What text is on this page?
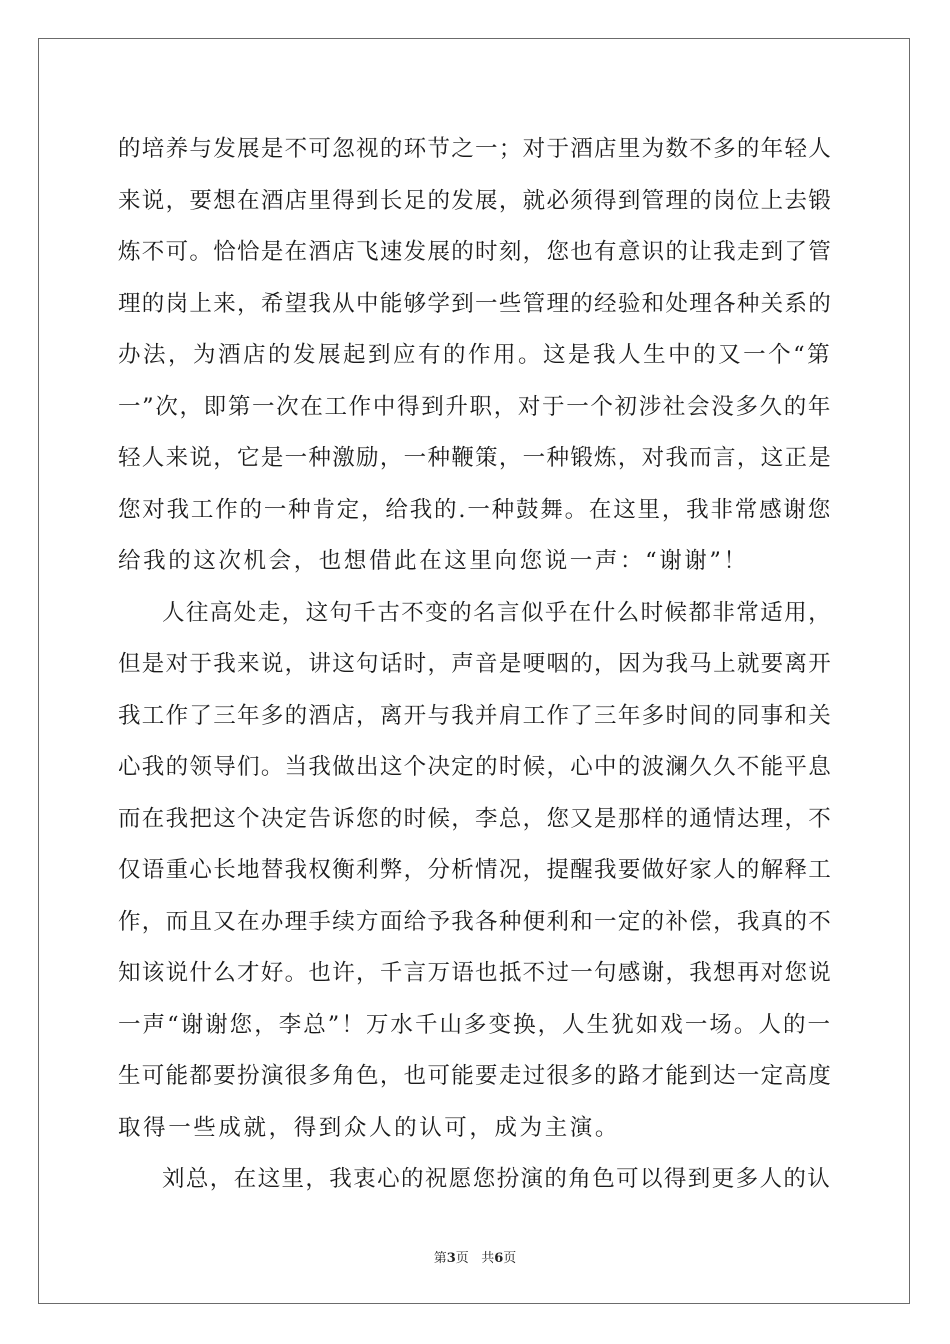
的培养与发展是不可忽视的环节之一；对于酒店里为数不多的年轻人
来说，要想在酒店里得到长足的发展，就必须得到管理的岗位上去锻
炼不可。恰恰是在酒店飞速发展的时刻，您也有意识的让我走到了管
理的岗上来，希望我从中能够学到一些管理的经验和处理各种关系的
办法，为酒店的发展起到应有的作用。这是我人生中的又一个“第
一”次，即第一次在工作中得到升职，对于一个初涉社会没多久的年
轻人来说，它是一种激励，一种鞭策，一种锻炼，对我而言，这正是
您对我工作的一种肯定，给我的.一种鼓舞。在这里，我非常感谢您
给我的这次机会，也想借此在这里向您说一声：“谢谢”！
人往高处走，这句千古不变的名言似乎在什么时候都非常适用，
但是对于我来说，讲这句话时，声音是哽咽的，因为我马上就要离开
我工作了三年多的酒店，离开与我并肩工作了三年多时间的同事和关
心我的领导们。当我做出这个决定的时候，心中的波澜久久不能平息
而在我把这个决定告诉您的时候，李总，您又是那样的通情达理，不
仅语重心长地替我权衡利弊，分析情况，提醒我要做好家人的解释工
作，而且又在办理手续方面给予我各种便利和一定的补偿，我真的不
知该说什么才好。也许，千言万语也抵不过一句感谢，我想再对您说
一声“谢谢您，李总”！万水千山多变换，人生犹如戏一场。人的一
生可能都要扮演很多角色，也可能要走过很多的路才能到达一定高度
取得一些成就，得到众人的认可，成为主演。
刘总，在这里，我衷心的祝愿您扮演的角色可以得到更多人的认
第3页 共6页
